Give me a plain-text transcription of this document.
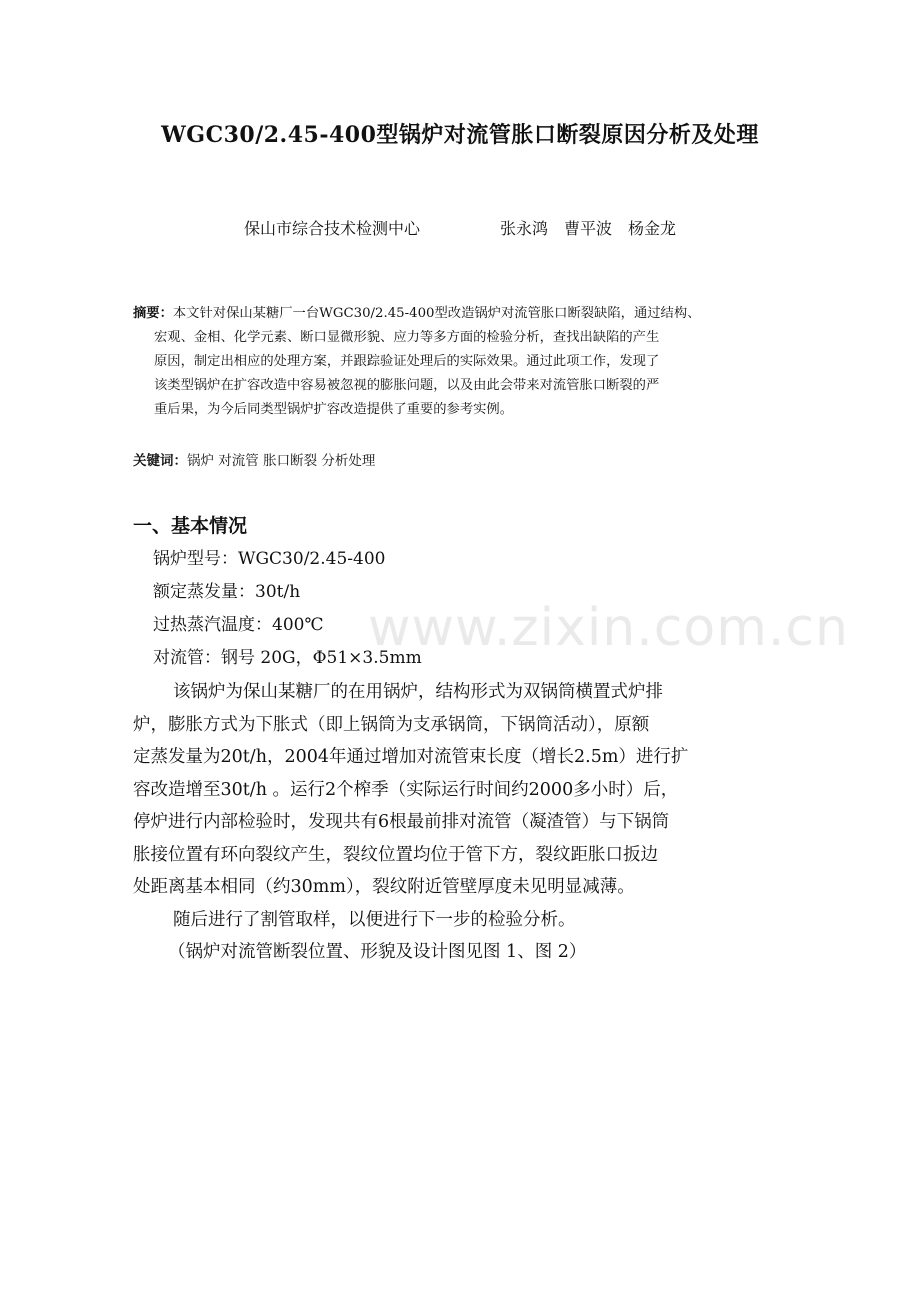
WGC30/2.45-400型锅炉对流管胀口断裂原因分析及处理
保山市综合技术检测中心	张永鸿 曹平波 杨金龙
摘要：本文针对保山某糖厂一台WGC30/2.45-400型改造锅炉对流管胀口断裂缺陷，通过结构、
宏观、金相、化学元素、断口显微形貌、应力等多方面的检验分析，查找出缺陷的产生
原因，制定出相应的处理方案，并跟踪验证处理后的实际效果。通过此项工作，发现了
该类型锅炉在扩容改造中容易被忽视的膨胀问题，以及由此会带来对流管胀口断裂的严
重后果，为今后同类型锅炉扩容改造提供了重要的参考实例。
关键词：锅炉 对流管 胀口断裂 分析处理
一、基本情况
锅炉型号：WGC30/2.45-400
额定蒸发量：30t/h
过热蒸汽温度：400℃
对流管：钢号 20G，Φ51×3.5mm
该锅炉为保山某糖厂的在用锅炉，结构形式为双锅筒横置式炉排
炉，膨胀方式为下胀式（即上锅筒为支承锅筒，下锅筒活动），原额
定蒸发量为20t/h，2004年通过增加对流管束长度（增长2.5m）进行扩
容改造增至30t/h 。运行2个榨季（实际运行时间约2000多小时）后，
停炉进行内部检验时，发现共有6根最前排对流管（凝渣管）与下锅筒
胀接位置有环向裂纹产生，裂纹位置均位于管下方，裂纹距胀口扳边
处距离基本相同（约30mm），裂纹附近管壁厚度未见明显减薄。
随后进行了割管取样，以便进行下一步的检验分析。
（锅炉对流管断裂位置、形貌及设计图见图 1、图 2）
www.zixin.com.cn
